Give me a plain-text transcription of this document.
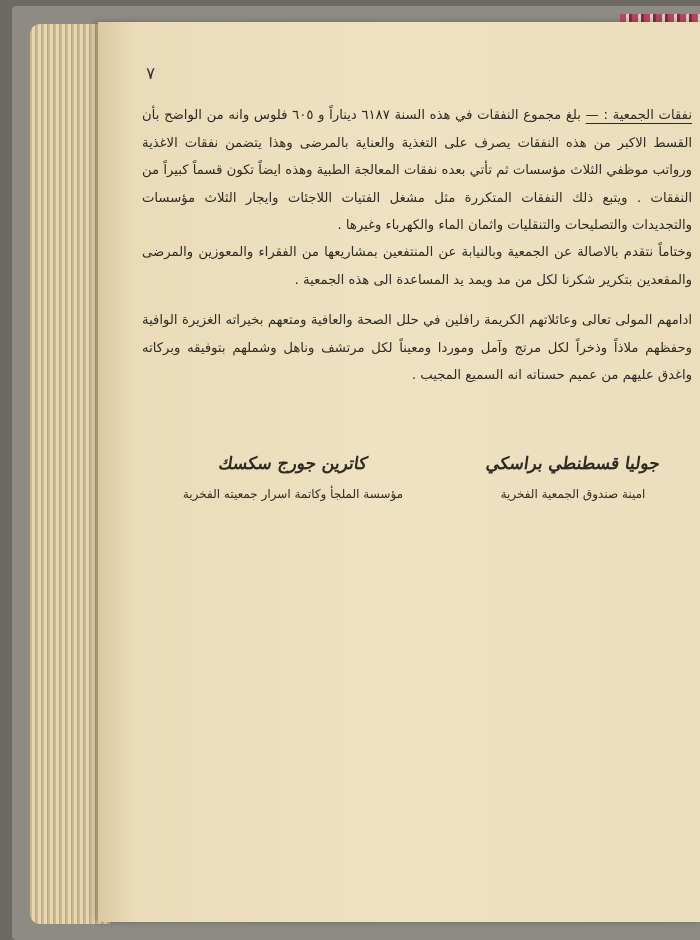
٧
نفقات الجمعية : — بلغ مجموع النفقات في هذه السنة ٦١٨٧ ديناراً و ٦٠٥ فلوس وانه من الواضح بأن القسط الاكبر من هذه النفقات يصرف على التغذية والعناية بالمرضى وهذا يتضمن نفقات الاغذية ورواتب موظفي الثلاث مؤسسات ثم تأتي بعده نفقات المعالجة الطبية وهذه ايضاً تكون قسماً كبيراً من النفقات . ويتبع ذلك النفقات المتكررة مثل مشغل الفتيات اللاجئات وايجار الثلاث مؤسسات والتجديدات والتصليحات والتنقليات واثمان الماء والكهرباء وغيرها .
وختاماً نتقدم بالاصالة عن الجمعية وبالنيابة عن المنتفعين بمشاريعها من الفقراء والمعوزين والمرضى والمقعدين بتكرير شكرنا لكل من مد ويمد يد المساعدة الى هذه الجمعية .
ادامهم المولى تعالى وعائلاتهم الكريمة رافلين في حلل الصحة والعافية ومتعهم بخيراته الغزيرة الوافية وحفظهم ملاذاً وذخراً لكل مرتج وآمل وموردا ومعيناً لكل مرتشف وناهل وشملهم بتوفيقه وبركاته واغدق عليهم من عميم حسناته انه السميع المجيب .
كاترين جورج سكسك
مؤسسة الملجأ وكاتمة اسرار جمعيته الفخرية
جوليا قسطنطي براسكي
امينة صندوق الجمعية الفخرية
